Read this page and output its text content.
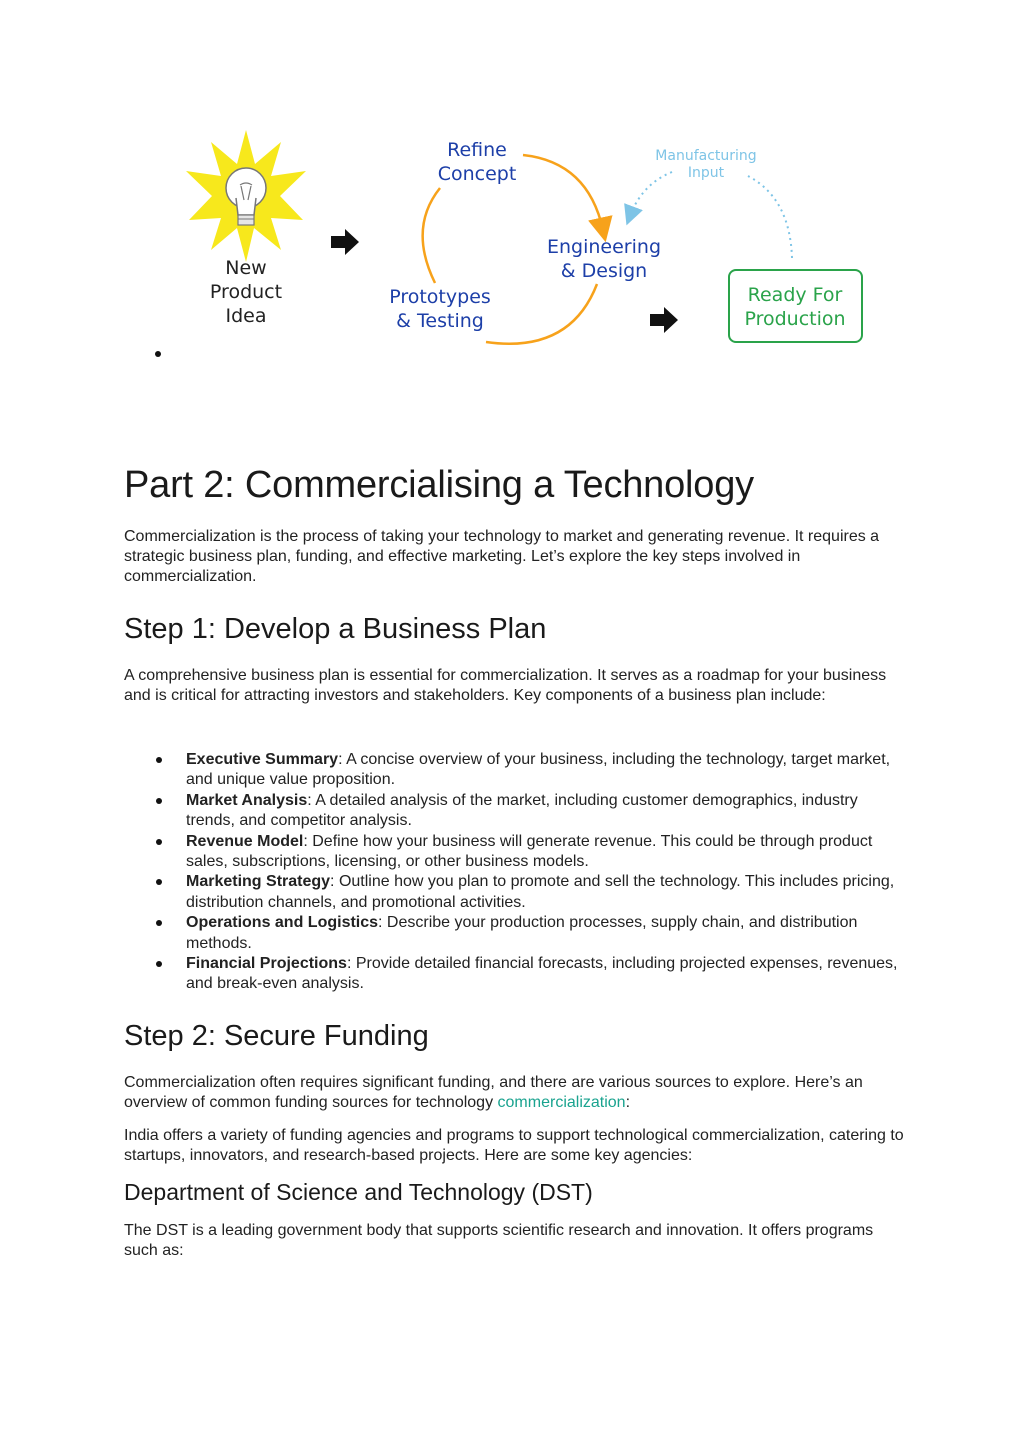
New
Product
Idea
Refine
Concept
Engineering
& Design
Prototypes
& Testing
Manufacturing
Input
Ready For
Production
Part 2: Commercialising a Technology

Commercialization is the process of taking your technology to market and generating revenue. It requires a strategic business plan, funding, and effective marketing. Let’s explore the key steps involved in commercialization.

Step 1: Develop a Business Plan

A comprehensive business plan is essential for commercialization. It serves as a roadmap for your business and is critical for attracting investors and stakeholders. Key components of a business plan include:

Executive Summary: A concise overview of your business, including the technology, target market, and unique value proposition.
Market Analysis: A detailed analysis of the market, including customer demographics, industry trends, and competitor analysis.
Revenue Model: Define how your business will generate revenue. This could be through product sales, subscriptions, licensing, or other business models.
Marketing Strategy: Outline how you plan to promote and sell the technology. This includes pricing, distribution channels, and promotional activities.
Operations and Logistics: Describe your production processes, supply chain, and distribution methods.
Financial Projections: Provide detailed financial forecasts, including projected expenses, revenues, and break-even analysis.
Step 2: Secure Funding

Commercialization often requires significant funding, and there are various sources to explore. Here’s an overview of common funding sources for technology commercialization:

India offers a variety of funding agencies and programs to support technological commercialization, catering to startups, innovators, and research-based projects. Here are some key agencies:

Department of Science and Technology (DST)

The DST is a leading government body that supports scientific research and innovation. It offers programs such as:
